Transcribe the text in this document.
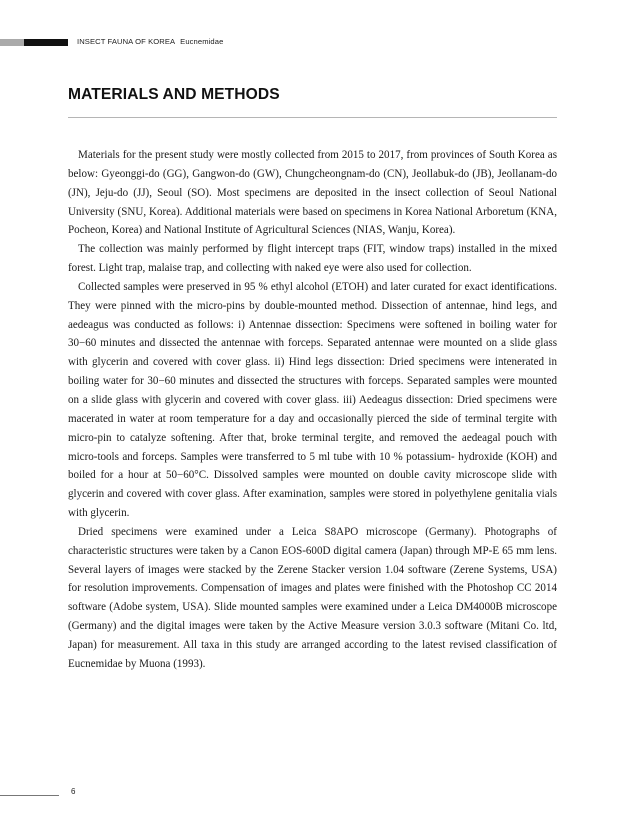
INSECT FAUNA OF KOREA Eucnemidae
MATERIALS AND METHODS

Materials for the present study were mostly collected from 2015 to 2017, from provinces of South Korea as below: Gyeonggi-do (GG), Gangwon-do (GW), Chungcheongnam-do (CN), Jeollabuk-do (JB), Jeollanam-do (JN), Jeju-do (JJ), Seoul (SO). Most specimens are deposited in the insect collection of Seoul National University (SNU, Korea). Additional materials were based on specimens in Korea National Arboretum (KNA, Pocheon, Korea) and National Institute of Agricultural Sciences (NIAS, Wanju, Korea).

The collection was mainly performed by flight intercept traps (FIT, window traps) installed in the mixed forest. Light trap, malaise trap, and collecting with naked eye were also used for collection.

Collected samples were preserved in 95 % ethyl alcohol (ETOH) and later curated for exact identifications. They were pinned with the micro-pins by double-mounted method. Dissection of antennae, hind legs, and aedeagus was conducted as follows: i) Antennae dissection: Specimens were softened in boiling water for 30−60 minutes and dissected the antennae with forceps. Separated antennae were mounted on a slide glass with glycerin and covered with cover glass. ii) Hind legs dissection: Dried specimens were intenerated in boiling water for 30−60 minutes and dissected the structures with forceps. Separated samples were mounted on a slide glass with glycerin and covered with cover glass. iii) Aedeagus dissection: Dried specimens were macerated in water at room temperature for a day and occasionally pierced the side of terminal tergite with micro-pin to catalyze softening. After that, broke terminal tergite, and removed the aedeagal pouch with micro-tools and forceps. Samples were transferred to 5 ml tube with 10 % potassium- hydroxide (KOH) and boiled for a hour at 50−60°C. Dissolved samples were mounted on double cavity microscope slide with glycerin and covered with cover glass. After examination, samples were stored in polyethylene genitalia vials with glycerin.

Dried specimens were examined under a Leica S8APO microscope (Germany). Photographs of characteristic structures were taken by a Canon EOS-600D digital camera (Japan) through MP-E 65 mm lens. Several layers of images were stacked by the Zerene Stacker version 1.04 software (Zerene Systems, USA) for resolution improvements. Compensation of images and plates were finished with the Photoshop CC 2014 software (Adobe system, USA). Slide mounted samples were examined under a Leica DM4000B microscope (Germany) and the digital images were taken by the Active Measure version 3.0.3 software (Mitani Co. ltd, Japan) for measurement. All taxa in this study are arranged according to the latest revised classification of Eucnemidae by Muona (1993).

6
